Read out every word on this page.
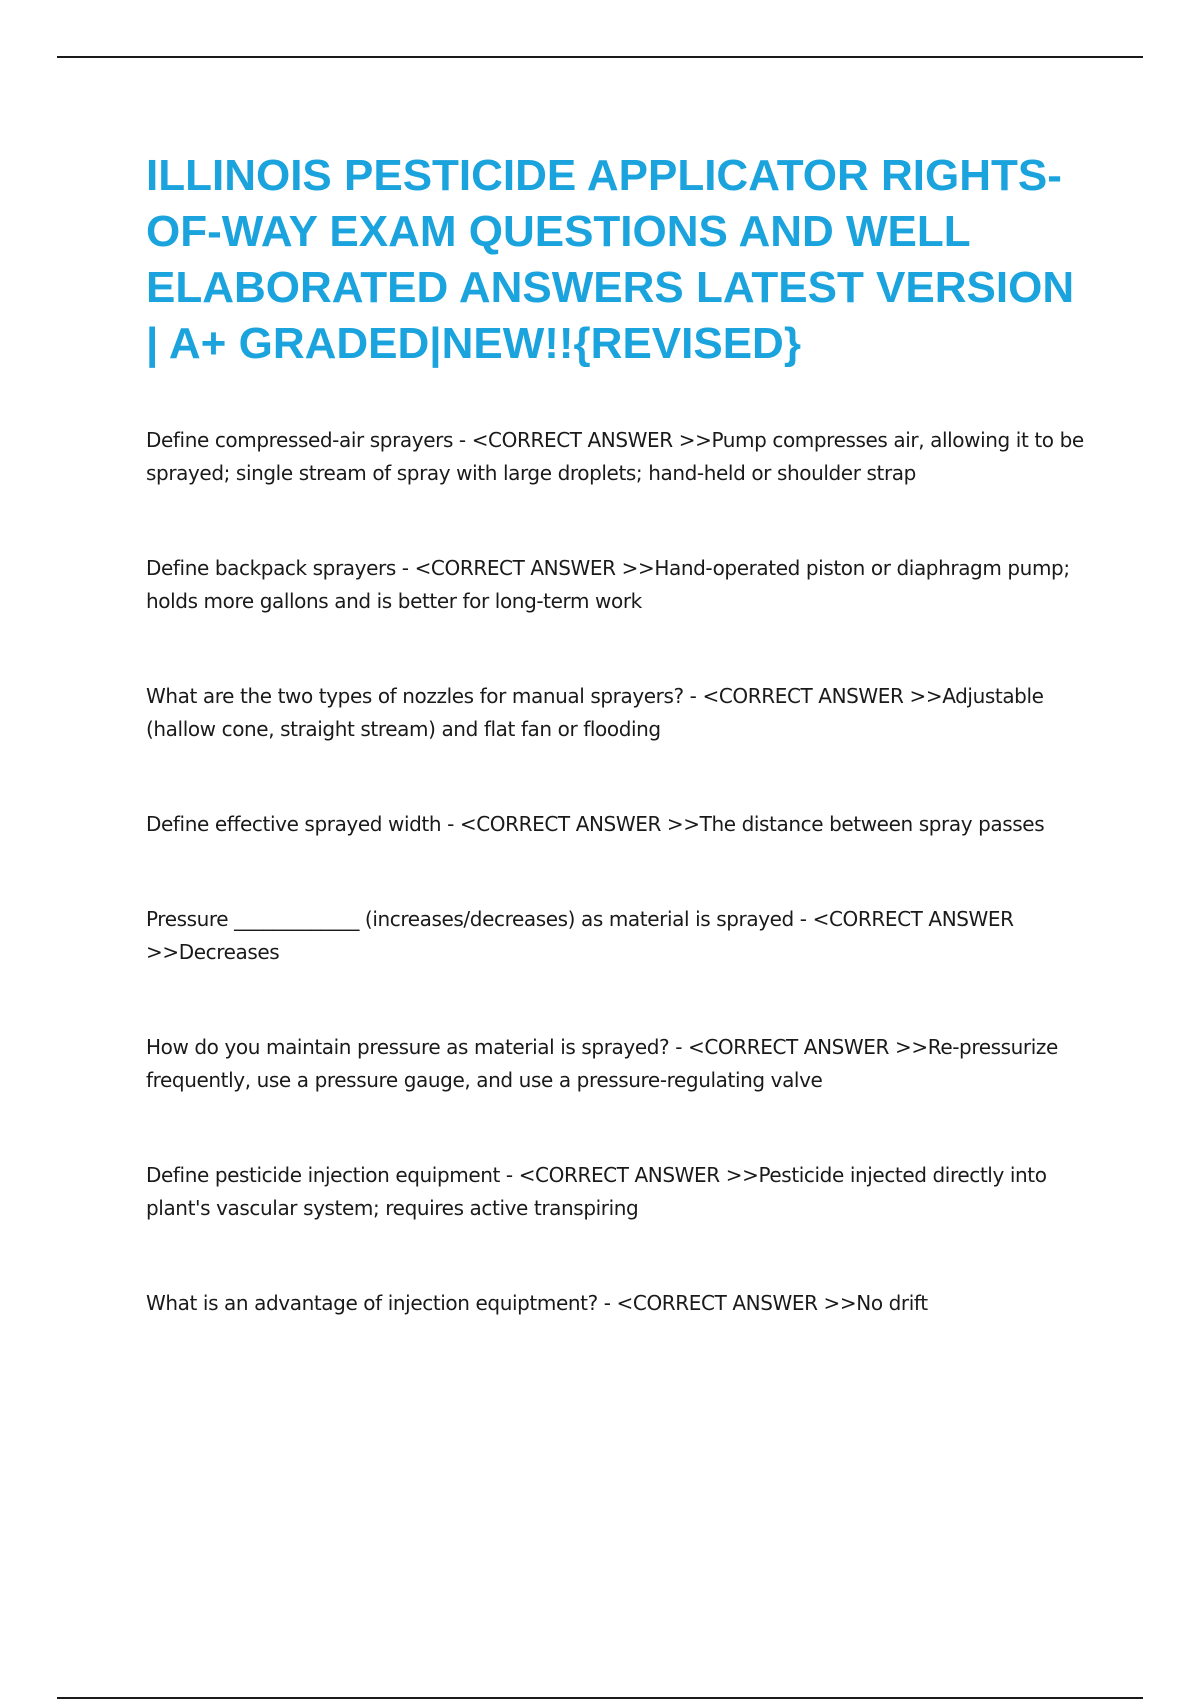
ILLINOIS PESTICIDE APPLICATOR RIGHTS-OF-WAY EXAM QUESTIONS AND WELL ELABORATED ANSWERS LATEST VERSION | A+ GRADED|NEW!!{REVISED}

Define compressed-air sprayers - <CORRECT ANSWER >>Pump compresses air, allowing it to be sprayed; single stream of spray with large droplets; hand-held or shoulder strap

Define backpack sprayers - <CORRECT ANSWER >>Hand-operated piston or diaphragm pump; holds more gallons and is better for long-term work

What are the two types of nozzles for manual sprayers? - <CORRECT ANSWER >>Adjustable (hallow cone, straight stream) and flat fan or flooding

Define effective sprayed width - <CORRECT ANSWER >>The distance between spray passes

Pressure _____________ (increases/decreases) as material is sprayed - <CORRECT ANSWER >>Decreases

How do you maintain pressure as material is sprayed? - <CORRECT ANSWER >>Re-pressurize frequently, use a pressure gauge, and use a pressure-regulating valve

Define pesticide injection equipment - <CORRECT ANSWER >>Pesticide injected directly into plant's vascular system; requires active transpiring

What is an advantage of injection equiptment? - <CORRECT ANSWER >>No drift
